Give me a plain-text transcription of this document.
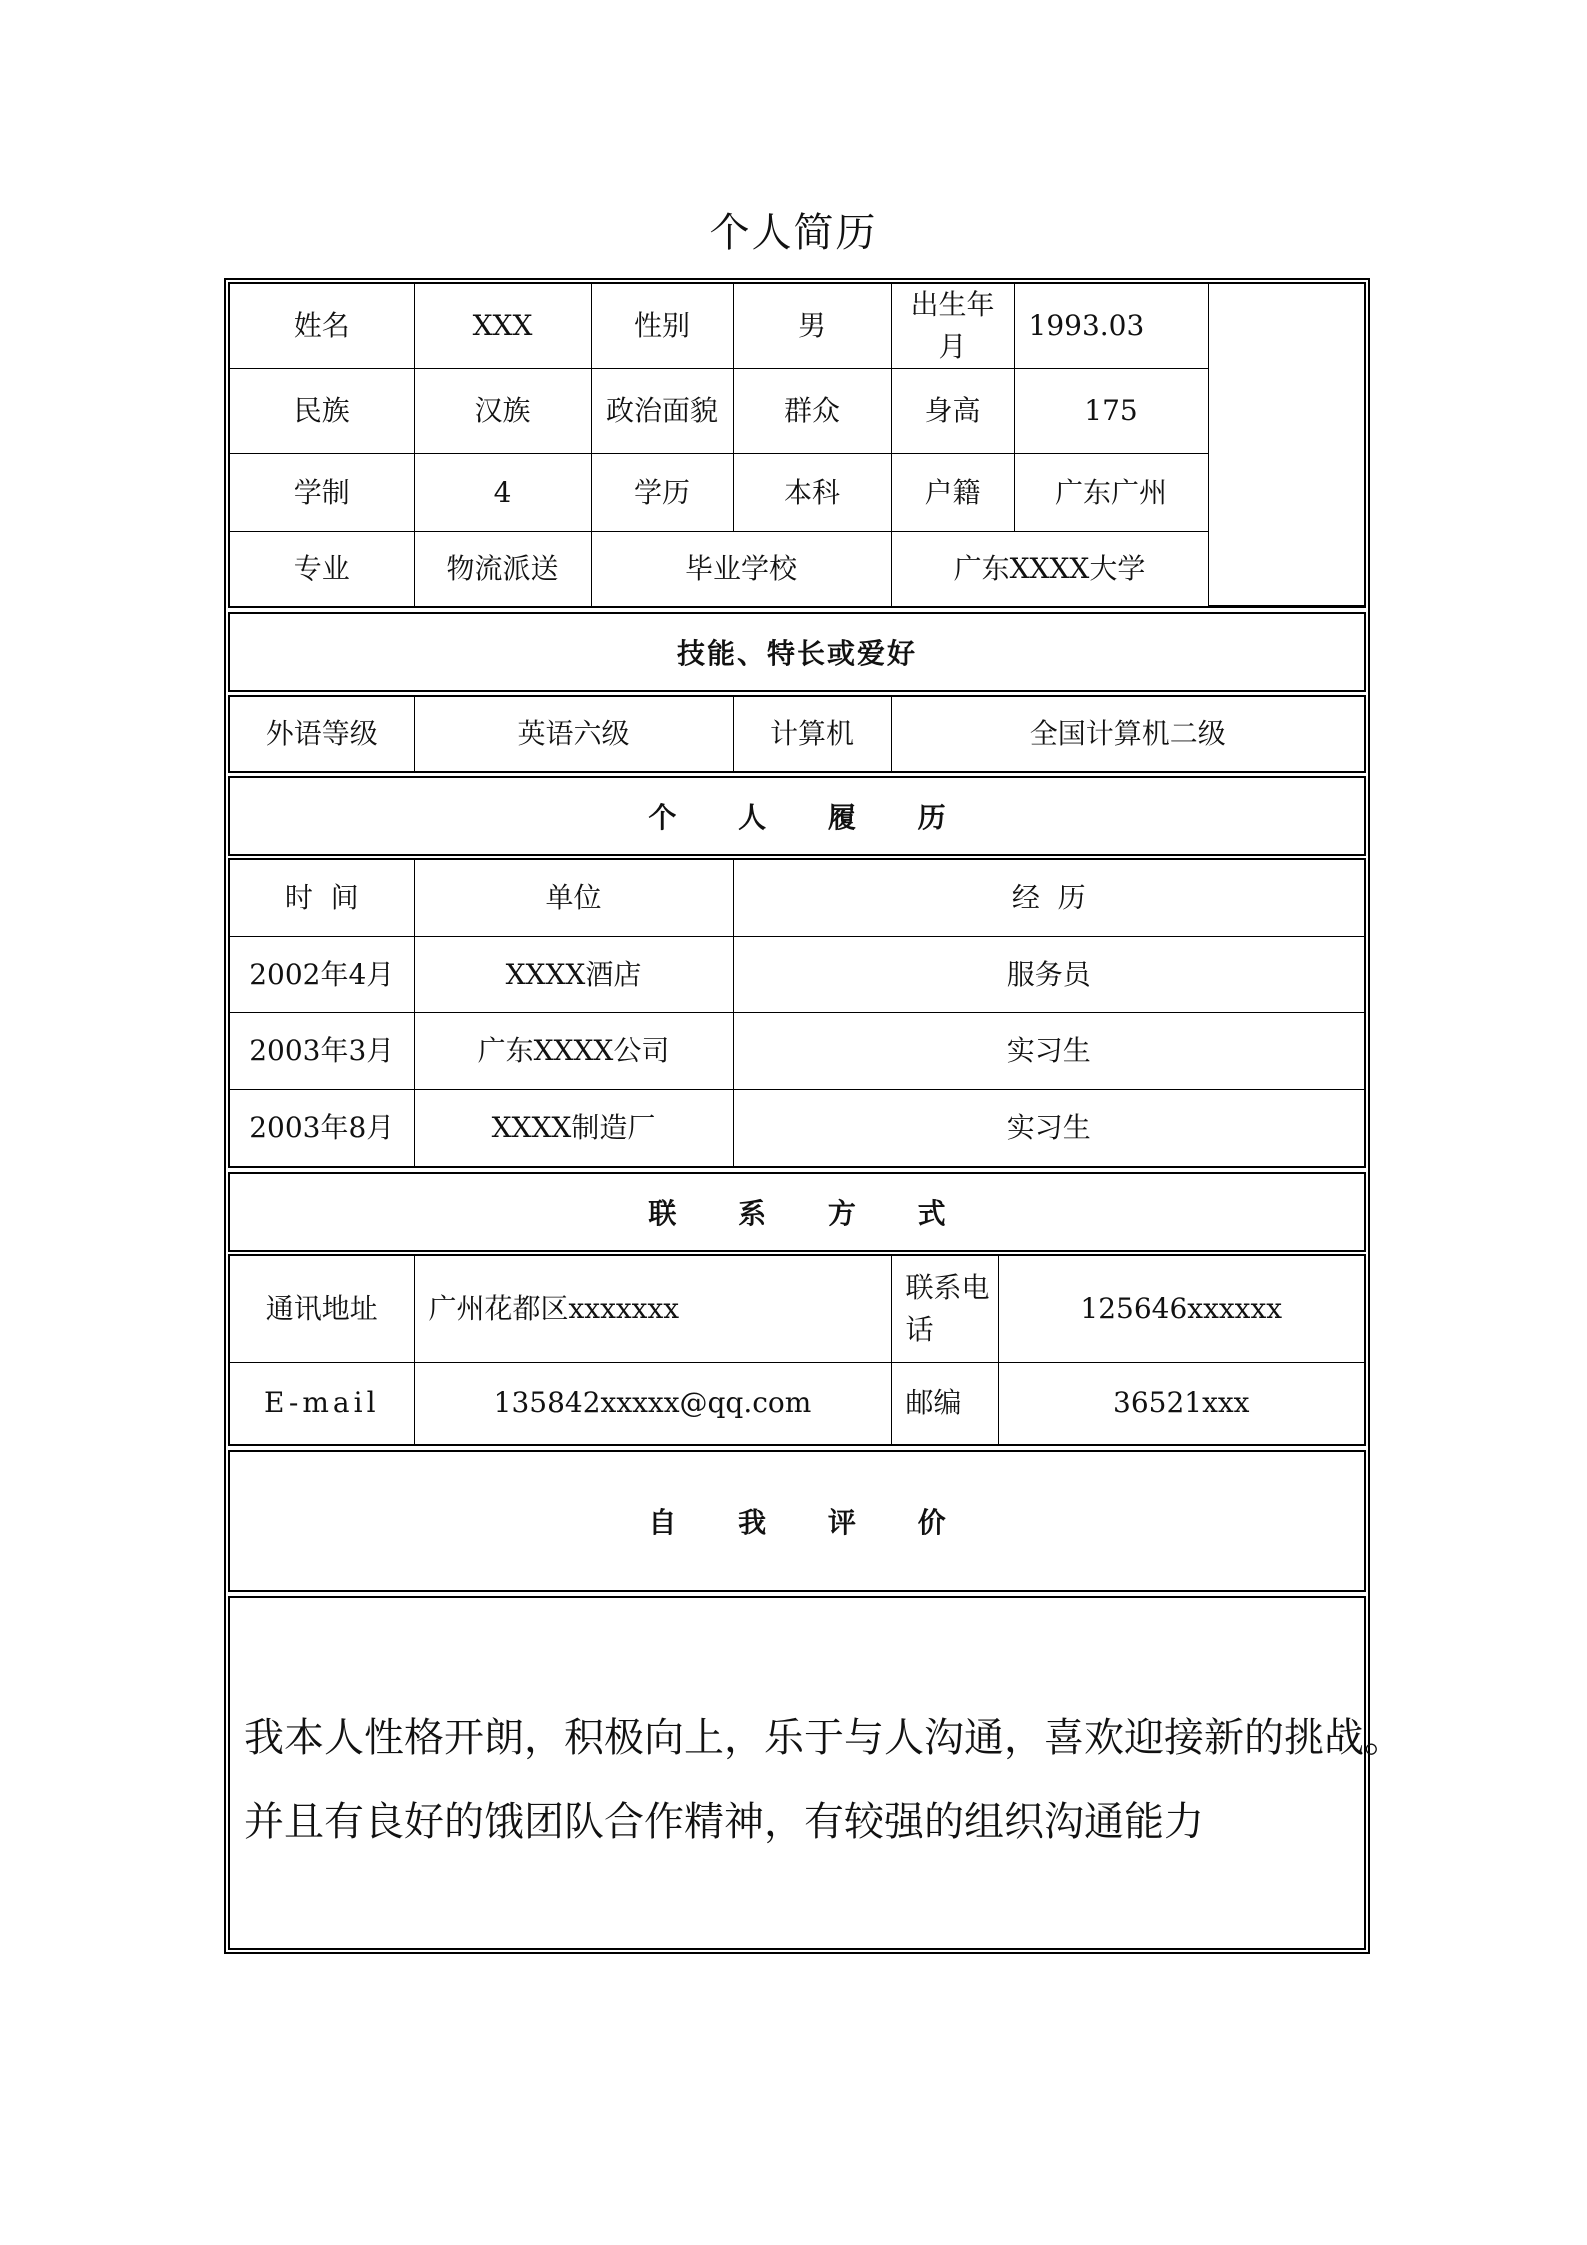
个人简历
姓名	XXX	性别	男	出生年月	1993.03	
民族	汉族	政治面貌	群众	身高	175	
学制	4	学历	本科	户籍	广东广州	
专业	物流派送	毕业学校		广东XXXX大学		
技能、特长或爱好
外语等级	英语六级	计算机	全国计算机二级
个 人 履 历
时  间	单位	经  历
2002年4月	XXXX酒店	服务员
2003年3月	广东XXXX公司	实习生
2003年8月	XXXX制造厂	实习生
联 系 方 式
通讯地址	广州花都区xxxxxxx	联系电话	125646xxxxxx
E-mail	135842xxxxx@qq.com	邮编	36521xxx
自 我 评 价

我本人性格开朗，积极向上，乐于与人沟通，喜欢迎接新的挑战。

并且有良好的饿团队合作精神，有较强的组织沟通能力
